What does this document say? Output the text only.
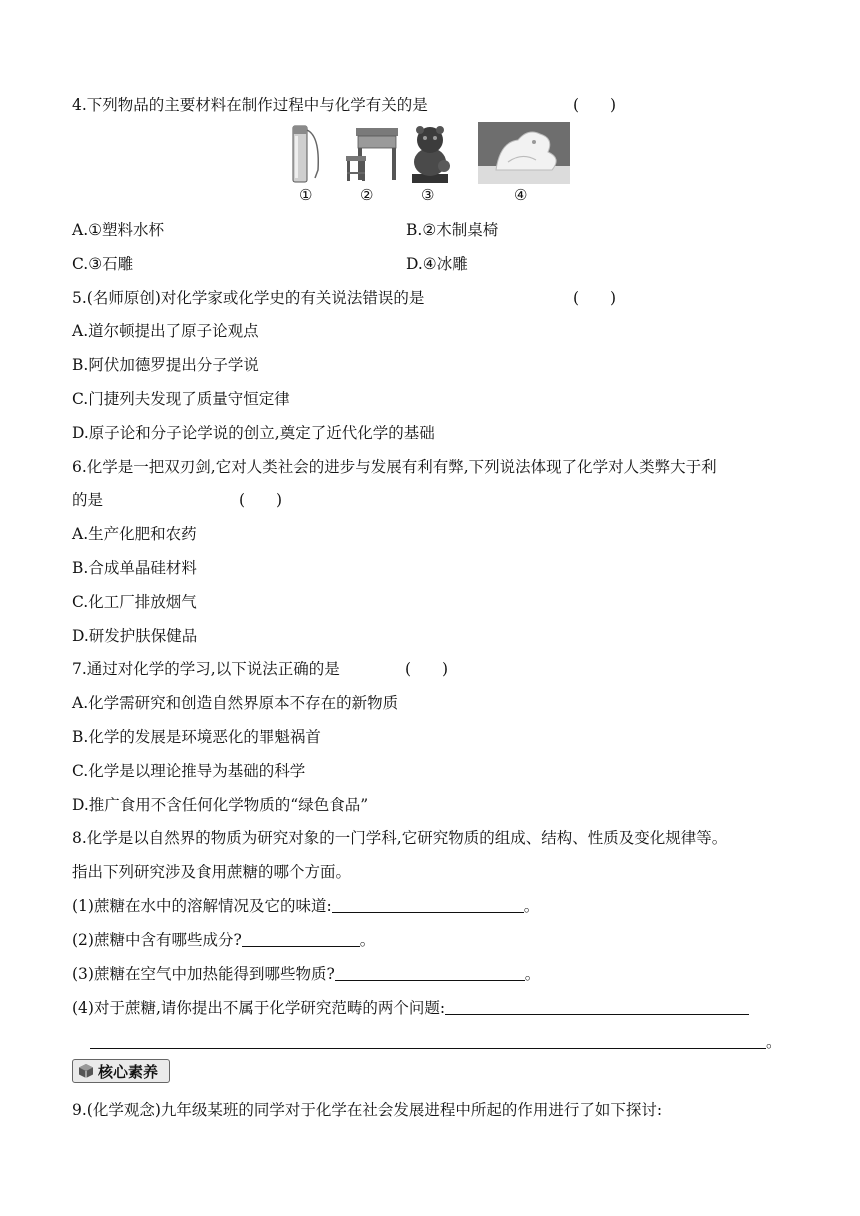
4.下列物品的主要材料在制作过程中与化学有关的是	(　　)
①	②	③	④
A.①塑料水杯	B.②木制桌椅
C.③石雕	D.④冰雕
5.(名师原创)对化学家或化学史的有关说法错误的是	(　　)
A.道尔顿提出了原子论观点
B.阿伏加德罗提出分子学说
C.门捷列夫发现了质量守恒定律
D.原子论和分子论学说的创立,奠定了近代化学的基础
6.化学是一把双刃剑,它对人类社会的进步与发展有利有弊,下列说法体现了化学对人类弊大于利
的是	(　　)
A.生产化肥和农药
B.合成单晶硅材料
C.化工厂排放烟气
D.研发护肤保健品
7.通过对化学的学习,以下说法正确的是	(　　)
A.化学需研究和创造自然界原本不存在的新物质
B.化学的发展是环境恶化的罪魁祸首
C.化学是以理论推导为基础的科学
D.推广食用不含任何化学物质的“绿色食品”
8.化学是以自然界的物质为研究对象的一门学科,它研究物质的组成、结构、性质及变化规律等。
指出下列研究涉及食用蔗糖的哪个方面。
(1)蔗糖在水中的溶解情况及它的味道:	。
(2)蔗糖中含有哪些成分?	。
(3)蔗糖在空气中加热能得到哪些物质?	。
(4)对于蔗糖,请你提出不属于化学研究范畴的两个问题:
。
核心素养
9.(化学观念)九年级某班的同学对于化学在社会发展进程中所起的作用进行了如下探讨:
